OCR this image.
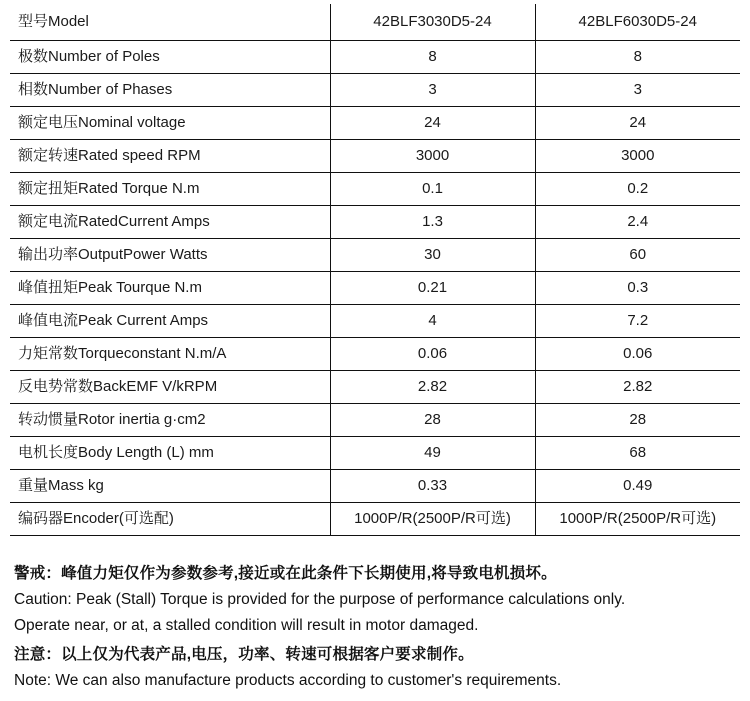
型号Model	42BLF3030D5-24	42BLF6030D5-24
极数Number of Poles	8	8
相数Number of Phases	3	3
额定电压Nominal voltage	24	24
额定转速Rated speed RPM	3000	3000
额定扭矩Rated Torque N.m	0.1	0.2
额定电流RatedCurrent Amps	1.3	2.4
输出功率OutputPower Watts	30	60
峰值扭矩Peak Tourque N.m	0.21	0.3
峰值电流Peak Current Amps	4	7.2
力矩常数Torqueconstant N.m/A	0.06	0.06
反电势常数BackEMF V/kRPM	2.82	2.82
转动惯量Rotor inertia g·cm2	28	28
电机长度Body Length (L) mm	49	68
重量Mass kg	0.33	0.49
编码器Encoder(可选配)	1000P/R(2500P/R可选)	1000P/R(2500P/R可选)

警戒：峰值力矩仅作为参数参考,接近或在此条件下长期使用,将导致电机损坏。

Caution: Peak (Stall) Torque is provided for the purpose of performance calculations only.

Operate near, or at, a stalled condition will result in motor damaged.

注意：以上仅为代表产品,电压，功率、转速可根据客户要求制作。

Note: We can also manufacture products according to customer's requirements.
